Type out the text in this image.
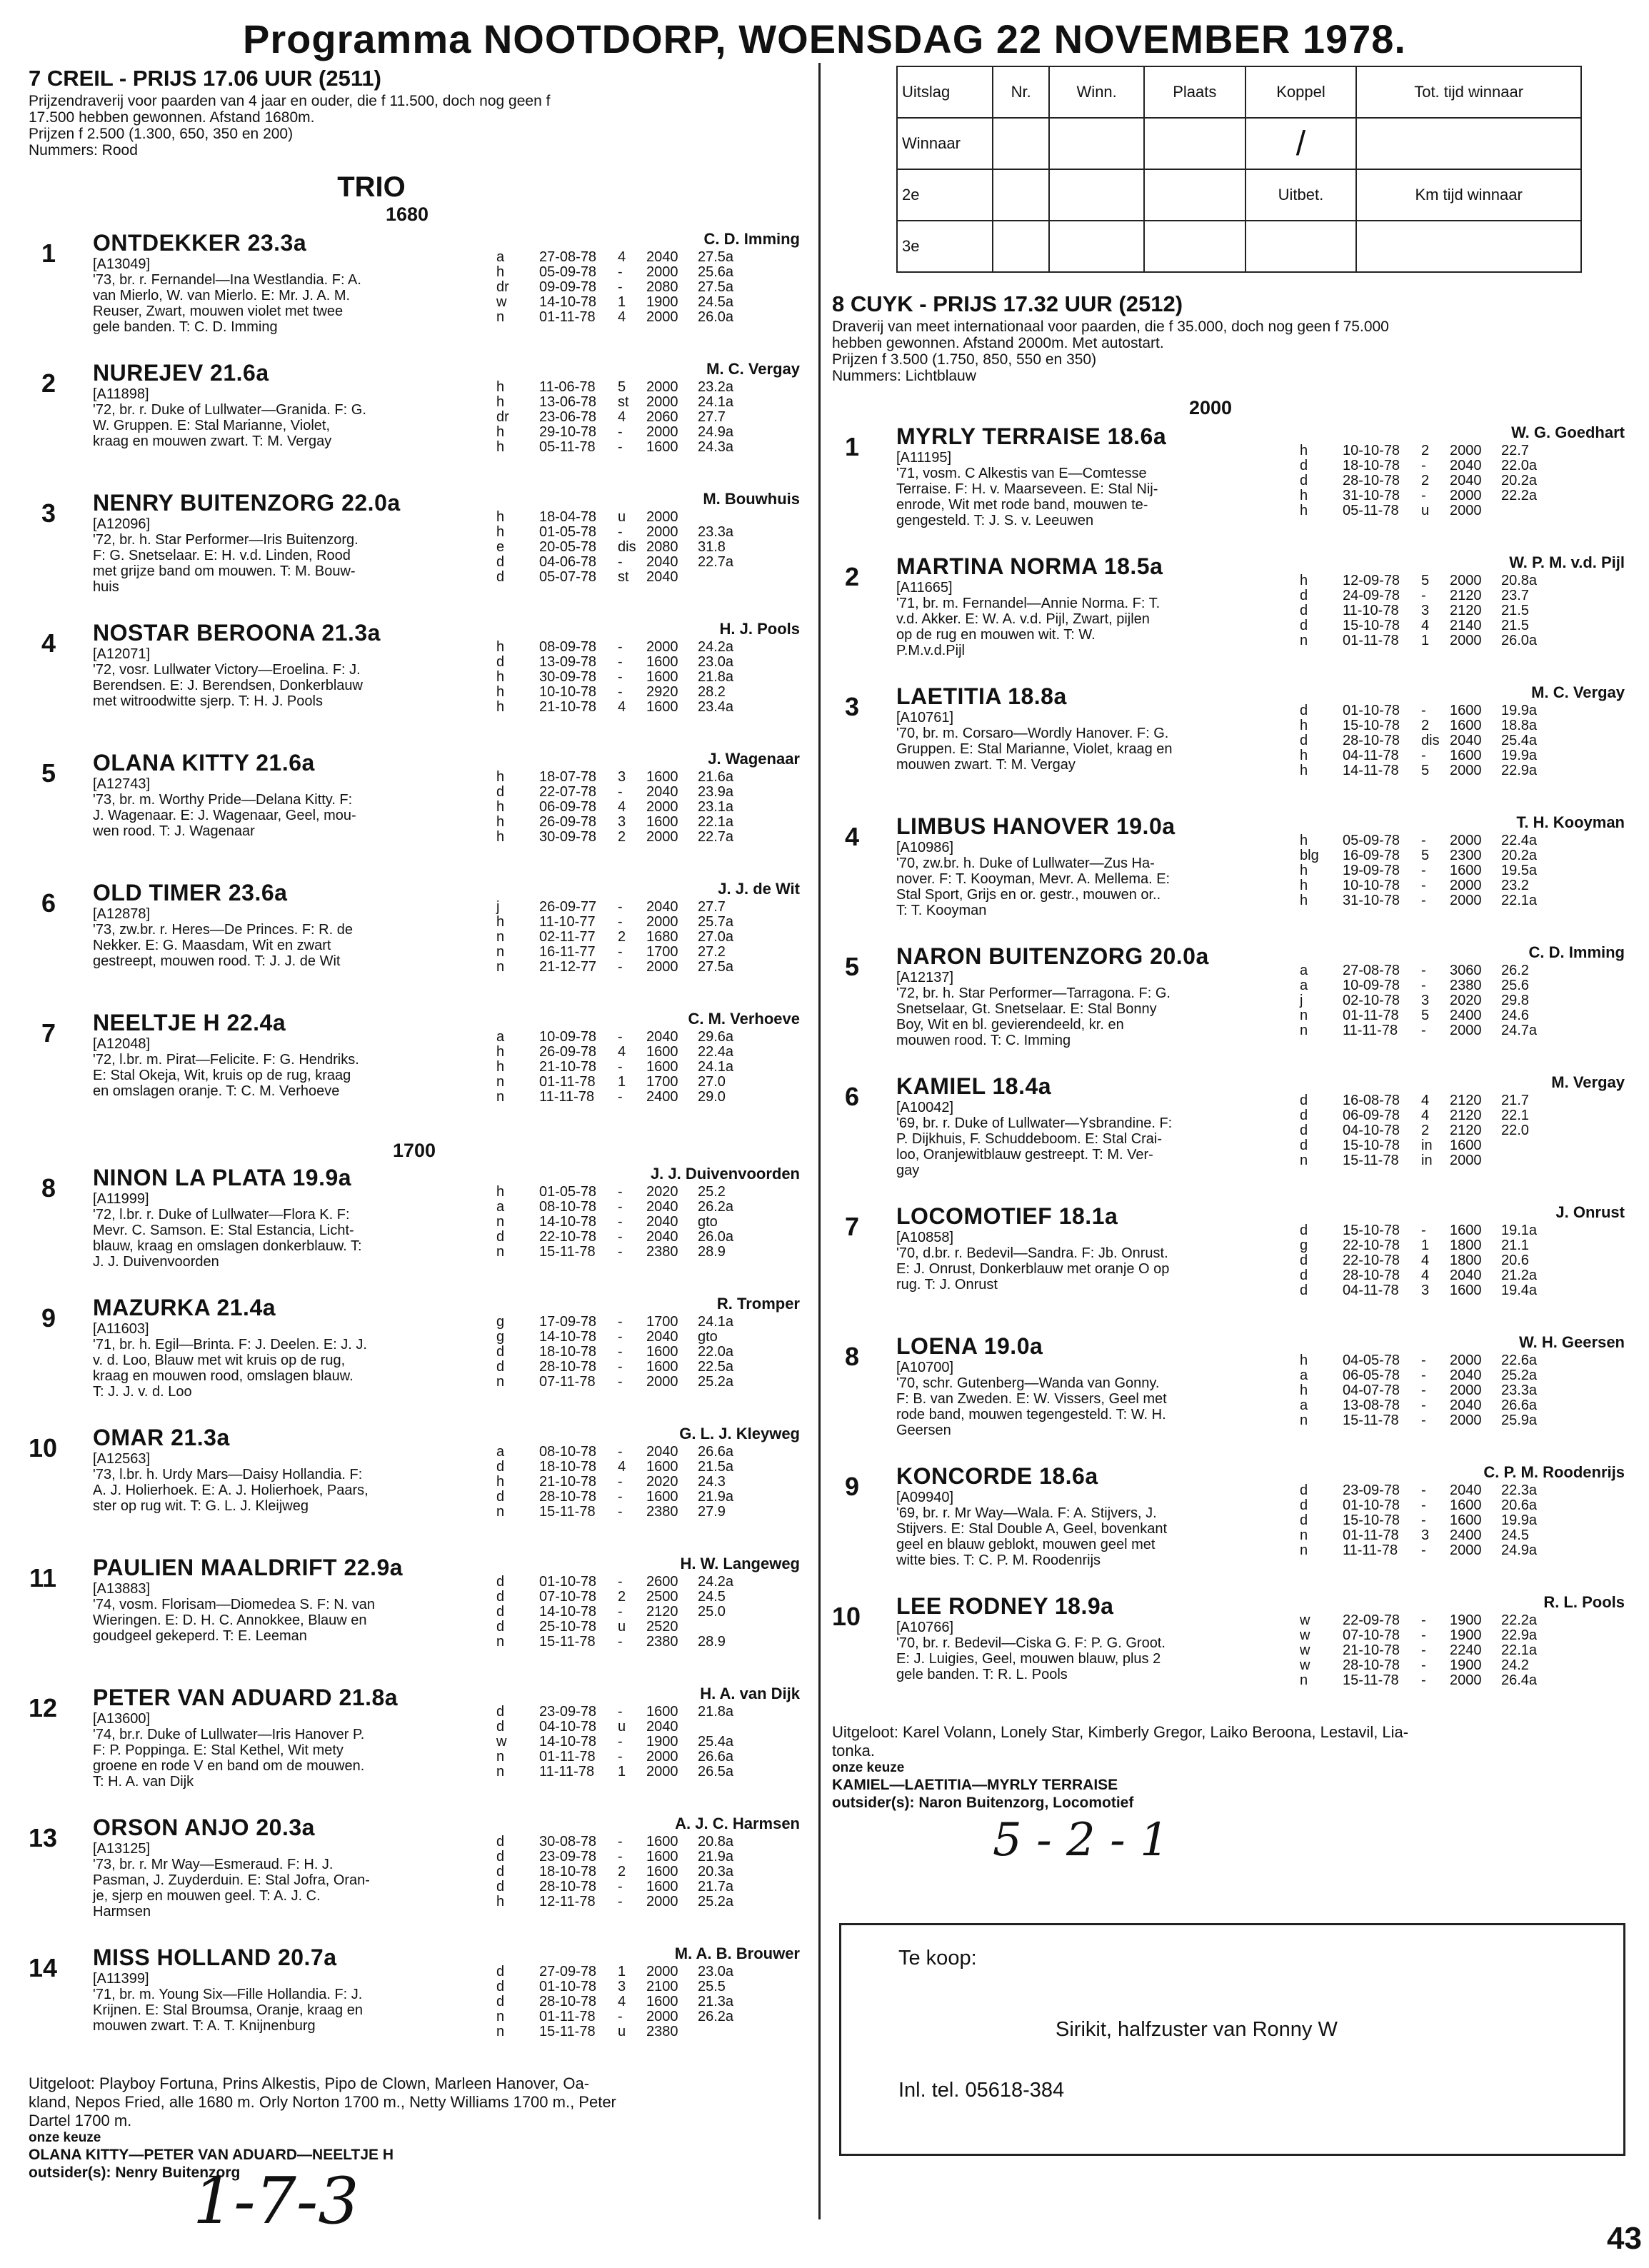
Programma NOOTDORP, WOENSDAG 22 NOVEMBER 1978.
7 CREIL - PRIJS 17.06 UUR (2511)
Prijzendraverij voor paarden van 4 jaar en ouder, die f 11.500, doch nog geen f
17.500 hebben gewonnen. Afstand 1680m.
Prijzen f 2.500 (1.300, 650, 350 en 200)
Nummers: Rood
TRIO
1680
1	C. D. Imming
ONTDEKKER 23.3a
[A13049]
'73, br. r. Fernandel—Ina Westlandia. F: A.
van Mierlo, W. van Mierlo. E: Mr. J. A. M.
Reuser, Zwart, mouwen violet met twee
gele banden. T: C. D. Imming
a	27-08-78	4	2040	27.5a
h	05-09-78	-	2000	25.6a
dr	09-09-78	-	2080	27.5a
w	14-10-78	1	1900	24.5a
n	01-11-78	4	2000	26.0a
2	M. C. Vergay
NUREJEV 21.6a
[A11898]
'72, br. r. Duke of Lullwater—Granida. F: G.
W. Gruppen. E: Stal Marianne, Violet,
kraag en mouwen zwart. T: M. Vergay
h	11-06-78	5	2000	23.2a
h	13-06-78	st	2000	24.1a
dr	23-06-78	4	2060	27.7
h	29-10-78	-	2000	24.9a
h	05-11-78	-	1600	24.3a
3	M. Bouwhuis
NENRY BUITENZORG 22.0a
[A12096]
'72, br. h. Star Performer—Iris Buitenzorg.
F: G. Snetselaar. E: H. v.d. Linden, Rood
met grijze band om mouwen. T: M. Bouw-
huis
h	18-04-78	u	2000
h	01-05-78	-	2000	23.3a
e	20-05-78	dis 2080	31.8
d	04-06-78	-	2040	22.7a
d	05-07-78	st	2040
4	H. J. Pools
NOSTAR BEROONA 21.3a
[A12071]
'72, vosr. Lullwater Victory—Eroelina. F: J.
Berendsen. E: J. Berendsen, Donkerblauw
met witroodwitte sjerp. T: H. J. Pools
h	08-09-78	-	2000	24.2a
d	13-09-78	-	1600	23.0a
h	30-09-78	-	1600	21.8a
h	10-10-78	-	2920	28.2
h	21-10-78	4	1600	23.4a
5	J. Wagenaar
OLANA KITTY 21.6a
[A12743]
'73, br. m. Worthy Pride—Delana Kitty. F:
J. Wagenaar. E: J. Wagenaar, Geel, mou-
wen rood. T: J. Wagenaar
h	18-07-78	3	1600	21.6a
d	22-07-78	-	2040	23.9a
h	06-09-78	4	2000	23.1a
h	26-09-78	3	1600	22.1a
h	30-09-78	2	2000	22.7a
6	J. J. de Wit
OLD TIMER 23.6a
[A12878]
'73, zw.br. r. Heres—De Princes. F: R. de
Nekker. E: G. Maasdam, Wit en zwart
gestreept, mouwen rood. T: J. J. de Wit
j	26-09-77	-	2040	27.7
h	11-10-77	-	2000	25.7a
n	02-11-77	2	1680	27.0a
n	16-11-77	-	1700	27.2
n	21-12-77	-	2000	27.5a
7	C. M. Verhoeve
NEELTJE H 22.4a
[A12048]
'72, l.br. m. Pirat—Felicite. F: G. Hendriks.
E: Stal Okeja, Wit, kruis op de rug, kraag
en omslagen oranje. T: C. M. Verhoeve
a	10-09-78	-	2040	29.6a
h	26-09-78	4	1600	22.4a
h	21-10-78	-	1600	24.1a
n	01-11-78	1	1700	27.0
n	11-11-78	-	2400	29.0
1700
8	J. J. Duivenvoorden
NINON LA PLATA 19.9a
[A11999]
'72, l.br. r. Duke of Lullwater—Flora K. F:
Mevr. C. Samson. E: Stal Estancia, Licht-
blauw, kraag en omslagen donkerblauw. T:
J. J. Duivenvoorden
h	01-05-78	-	2020	25.2
a	08-10-78	-	2040	26.2a
n	14-10-78	-	2040	gto
d	22-10-78	-	2040	26.0a
n	15-11-78	-	2380	28.9
9	R. Tromper
MAZURKA 21.4a
[A11603]
'71, br. h. Egil—Brinta. F: J. Deelen. E: J. J.
v. d. Loo, Blauw met wit kruis op de rug,
kraag en mouwen rood, omslagen blauw.
T: J. J. v. d. Loo
g	17-09-78	-	1700	24.1a
g	14-10-78	-	2040	gto
d	18-10-78	-	1600	22.0a
d	28-10-78	-	1600	22.5a
n	07-11-78	-	2000	25.2a
10	G. L. J. Kleyweg
OMAR 21.3a
[A12563]
'73, l.br. h. Urdy Mars—Daisy Hollandia. F:
A. J. Holierhoek. E: A. J. Holierhoek, Paars,
ster op rug wit. T: G. L. J. Kleijweg
a	08-10-78	-	2040	26.6a
d	18-10-78	4	1600	21.5a
h	21-10-78	-	2020	24.3
d	28-10-78	-	1600	21.9a
n	15-11-78	-	2380	27.9
11	H. W. Langeweg
PAULIEN MAALDRIFT 22.9a
[A13883]
'74, vosm. Florisam—Diomedea S. F: N. van
Wieringen. E: D. H. C. Annokkee, Blauw en
goudgeel gekeperd. T: E. Leeman
d	01-10-78	-	2600	24.2a
d	07-10-78	2	2500	24.5
d	14-10-78	-	2120	25.0
d	25-10-78	u	2520
n	15-11-78	-	2380	28.9
12	H. A. van Dijk
PETER VAN ADUARD 21.8a
[A13600]
'74, br.r. Duke of Lullwater—Iris Hanover P.
F: P. Poppinga. E: Stal Kethel, Wit mety
groene en rode V en band om de mouwen.
T: H. A. van Dijk
d	23-09-78	-	1600	21.8a
d	04-10-78	u	2040
w	14-10-78	-	1900	25.4a
n	01-11-78	-	2000	26.6a
n	11-11-78	1	2000	26.5a
13	A. J. C. Harmsen
ORSON ANJO 20.3a
[A13125]
'73, br. r. Mr Way—Esmeraud. F: H. J.
Pasman, J. Zuyderduin. E: Stal Jofra, Oran-
je, sjerp en mouwen geel. T: A. J. C.
Harmsen
d	30-08-78	-	1600	20.8a
d	23-09-78	-	1600	21.9a
d	18-10-78	2	1600	20.3a
d	28-10-78	-	1600	21.7a
h	12-11-78	-	2000	25.2a
14	M. A. B. Brouwer
MISS HOLLAND 20.7a
[A11399]
'71, br. m. Young Six—Fille Hollandia. F: J.
Krijnen. E: Stal Broumsa, Oranje, kraag en
mouwen zwart. T: A. T. Knijnenburg
d	27-09-78	1	2000	23.0a
d	01-10-78	3	2100	25.5
d	28-10-78	4	1600	21.3a
n	01-11-78	-	2000	26.2a
n	15-11-78	u	2380
Uitgeloot: Playboy Fortuna, Prins Alkestis, Pipo de Clown, Marleen Hanover, Oa-
kland, Nepos Fried, alle 1680 m. Orly Norton 1700 m., Netty Williams 1700 m., Peter
Dartel 1700 m.
onze keuze
OLANA KITTY—PETER VAN ADUARD—NEELTJE H
outsider(s): Nenry Buitenzorg
Uitslag	Nr.	Winn.	Plaats	Koppel	Tot. tijd winnaar
Winnaar				/	
2e				Uitbet.	Km tijd winnaar
3e					
8 CUYK - PRIJS 17.32 UUR (2512)
Draverij van meet internationaal voor paarden, die f 35.000, doch nog geen f 75.000
hebben gewonnen. Afstand 2000m. Met autostart.
Prijzen f 3.500 (1.750, 850, 550 en 350)
Nummers: Lichtblauw
2000
1	W. G. Goedhart
MYRLY TERRAISE 18.6a
[A11195]
'71, vosm. C Alkestis van E—Comtesse
Terraise. F: H. v. Maarseveen. E: Stal Nij-
enrode, Wit met rode band, mouwen te-
gengesteld. T: J. S. v. Leeuwen
h	10-10-78	2	2000	22.7
d	18-10-78	-	2040	22.0a
d	28-10-78	2	2040	20.2a
h	31-10-78	-	2000	22.2a
h	05-11-78	u	2000
2	W. P. M. v.d. Pijl
MARTINA NORMA 18.5a
[A11665]
'71, br. m. Fernandel—Annie Norma. F: T.
v.d. Akker. E: W. A. v.d. Pijl, Zwart, pijlen
op de rug en mouwen wit. T: W.
P.M.v.d.Pijl
h	12-09-78	5	2000	20.8a
d	24-09-78	-	2120	23.7
d	11-10-78	3	2120	21.5
d	15-10-78	4	2140	21.5
n	01-11-78	1	2000	26.0a
3	M. C. Vergay
LAETITIA 18.8a
[A10761]
'70, br. m. Corsaro—Wordly Hanover. F: G.
Gruppen. E: Stal Marianne, Violet, kraag en
mouwen zwart. T: M. Vergay
d	01-10-78	-	1600	19.9a
h	15-10-78	2	1600	18.8a
d	28-10-78	dis 2040	25.4a
h	04-11-78	-	1600	19.9a
h	14-11-78	5	2000	22.9a
4	T. H. Kooyman
LIMBUS HANOVER 19.0a
[A10986]
'70, zw.br. h. Duke of Lullwater—Zus Ha-
nover. F: T. Kooyman, Mevr. A. Mellema. E:
Stal Sport, Grijs en or. gestr., mouwen or..
T: T. Kooyman
h	05-09-78	-	2000	22.4a
blg	16-09-78	5	2300	20.2a
h	19-09-78	-	1600	19.5a
h	10-10-78	-	2000	23.2
h	31-10-78	-	2000	22.1a
5	C. D. Imming
NARON BUITENZORG 20.0a
[A12137]
'72, br. h. Star Performer—Tarragona. F: G.
Snetselaar, Gt. Snetselaar. E: Stal Bonny
Boy, Wit en bl. gevierendeeld, kr. en
mouwen rood. T: C. Imming
a	27-08-78	-	3060	26.2
a	10-09-78	-	2380	25.6
j	02-10-78	3	2020	29.8
n	01-11-78	5	2400	24.6
n	11-11-78	-	2000	24.7a
6	M. Vergay
KAMIEL 18.4a
[A10042]
'69, br. r. Duke of Lullwater—Ysbrandine. F:
P. Dijkhuis, F. Schuddeboom. E: Stal Crai-
loo, Oranjewitblauw gestreept. T: M. Ver-
gay
d	16-08-78	4	2120	21.7
d	06-09-78	4	2120	22.1
d	04-10-78	2	2120	22.0
d	15-10-78	in	1600
n	15-11-78	in	2000
7	J. Onrust
LOCOMOTIEF 18.1a
[A10858]
'70, d.br. r. Bedevil—Sandra. F: Jb. Onrust.
E: J. Onrust, Donkerblauw met oranje O op
rug. T: J. Onrust
d	15-10-78	-	1600	19.1a
g	22-10-78	1	1800	21.1
d	22-10-78	4	1800	20.6
d	28-10-78	4	2040	21.2a
d	04-11-78	3	1600	19.4a
8	W. H. Geersen
LOENA 19.0a
[A10700]
'70, schr. Gutenberg—Wanda van Gonny.
F: B. van Zweden. E: W. Vissers, Geel met
rode band, mouwen tegengesteld. T: W. H.
Geersen
h	04-05-78	-	2000	22.6a
a	06-05-78	-	2040	25.2a
h	04-07-78	-	2000	23.3a
a	13-08-78	-	2040	26.6a
n	15-11-78	-	2000	25.9a
9	C. P. M. Roodenrijs
KONCORDE 18.6a
[A09940]
'69, br. r. Mr Way—Wala. F: A. Stijvers, J.
Stijvers. E: Stal Double A, Geel, bovenkant
geel en blauw geblokt, mouwen geel met
witte bies. T: C. P. M. Roodenrijs
d	23-09-78	-	2040	22.3a
d	01-10-78	-	1600	20.6a
d	15-10-78	-	1600	19.9a
n	01-11-78	3	2400	24.5
n	11-11-78	-	2000	24.9a
10	R. L. Pools
LEE RODNEY 18.9a
[A10766]
'70, br. r. Bedevil—Ciska G. F: P. G. Groot.
E: J. Luigies, Geel, mouwen blauw, plus 2
gele banden. T: R. L. Pools
w	22-09-78	-	1900	22.2a
w	07-10-78	-	1900	22.9a
w	21-10-78	-	2240	22.1a
w	28-10-78	-	1900	24.2
n	15-11-78	-	2000	26.4a
Uitgeloot: Karel Volann, Lonely Star, Kimberly Gregor, Laiko Beroona, Lestavil, Lia-
tonka.
onze keuze
KAMIEL—LAETITIA—MYRLY TERRAISE
outsider(s): Naron Buitenzorg, Locomotief
5 - 2 - 1
Te koop:
Sirikit, halfzuster van Ronny W
Inl. tel. 05618-384
1-7-3	43
